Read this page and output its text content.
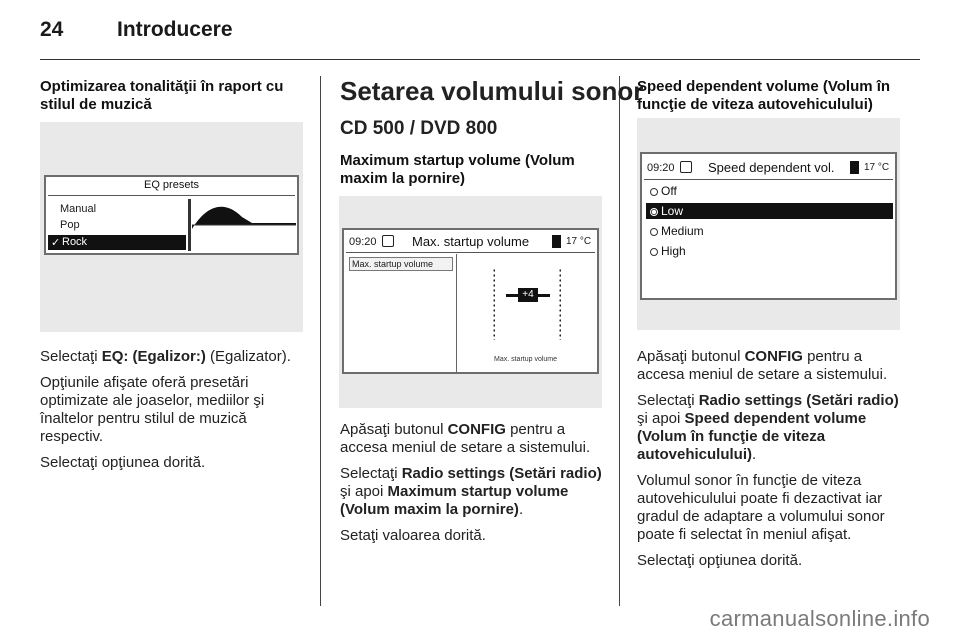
24	Introducere
Optimizarea tonalităţii în raport cu stilul de muzică
EQ presets
Manual
Pop
✓ Rock

Selectaţi EQ: (Egalizor:) (Egalizator).

Opţiunile afişate oferă presetări optimizate ale joaselor, mediilor şi înaltelor pentru stilul de muzică respectiv.

Selectaţi opţiunea dorită.

Setarea volumului sonor
CD 500 / DVD 800
Maximum startup volume (Volum maxim la pornire)
09:20	Max. startup volume	17 °C
Max. startup volume
+4
Max. startup volume

Apăsaţi butonul CONFIG pentru a accesa meniul de setare a sistemului.

Selectaţi Radio settings (Setări radio) şi apoi Maximum startup volume (Volum maxim la pornire).

Setaţi valoarea dorită.

Speed dependent volume (Volum în funcţie de viteza autovehiculului)
09:20	Speed dependent vol.	17 °C
Off
Low
Medium
High

Apăsaţi butonul CONFIG pentru a accesa meniul de setare a sistemului.

Selectaţi Radio settings (Setări radio) şi apoi Speed dependent volume (Volum în funcţie de viteza autovehiculului).

Volumul sonor în funcţie de viteza autovehiculului poate fi dezactivat iar gradul de adaptare a volumului sonor poate fi selectat în meniul afişat.

Selectaţi opţiunea dorită.

carmanualsonline.info
